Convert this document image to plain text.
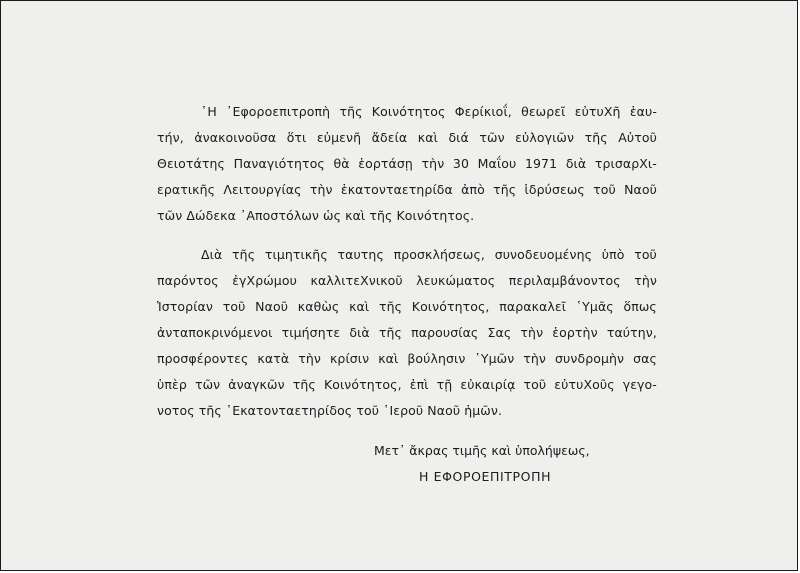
῾Η ᾿Εφοροεπιτροπὴ τῆς Κοινότητος Φερίκιοΐ, θεωρεῖ εὐτυΧῆ ἑαυ-
τήν, ἀνακοινοῦσα ὅτι εὐμενῆ ἄδεία καὶ διά τῶν εὐλογιῶν τῆς Αὐτοῦ
Θειοτάτης Παναγιότητος θὰ ἑορτάσῃ τὴν 30 Μαΐου 1971 διὰ τρισαρΧι-
ερατικῆς Λειτουργίας τὴν ἑκατονταετηρίδα ἀπὸ τῆς ἱδρύσεως τοῦ Ναοῦ
τῶν Δώδεκα ᾿Αποστόλων ὡς καὶ τῆς Κοινότητος.

Διὰ τῆς τιμητικῆς ταυτης προσκλήσεως, συνοδευομένης ὑπὸ τοῦ
παρόντος ἐγΧρώμου καλλιτεΧνικοῦ λευκώματος περιλαμβάνοντος τὴν
Ἱστορίαν τοῦ Ναοῦ καθὼς καὶ τῆς Κοινότητος, παρακαλεῖ ῾Υμᾶς ὅπως
ἀνταποκρινόμενοι τιμήσητε διὰ τῆς παρουσίας Σας τὴν ἑορτὴν ταύτην,
προσφέροντες κατὰ τὴν κρίσιν καὶ βούλησιν ῾Υμῶν τὴν συνδρομὴν σας
ὑπὲρ τῶν ἀναγκῶν τῆς Κοινότητος, ἐπὶ τῇ εὐκαιρίᾳ τοῦ εὐτυΧοῦς γεγο-
νοτος τῆς ῾Εκατονταετηρίδος τοῦ ῾Ιεροῦ Ναοῦ ἡμῶν.

Μετ᾿ ἄκρας τιμῆς καὶ ὑπολήψεως,
Η ΕΦΟΡΟΕΠΙΤΡΟΠΗ
